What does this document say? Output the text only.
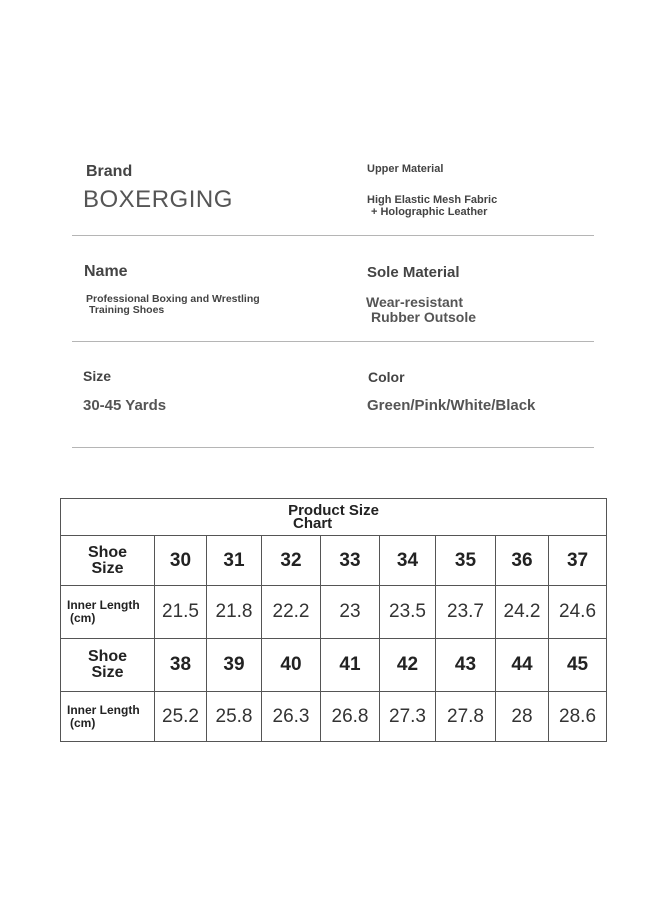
Brand
BOXERGING
Upper Material
High Elastic Mesh Fabric
+ Holographic Leather
Name
Professional Boxing and Wrestling
Training Shoes
Sole Material
Wear-resistant
Rubber Outsole
Size
30-45 Yards
Color
Green/Pink/White/Black
Product Size
Chart								

Shoe
Size	30	31	32	33	34	35	36	37

Inner Length
(cm)	21.5	21.8	22.2	23	23.5	23.7	24.2	24.6

Shoe
Size	38	39	40	41	42	43	44	45

Inner Length
(cm)	25.2	25.8	26.3	26.8	27.3	27.8	28	28.6
